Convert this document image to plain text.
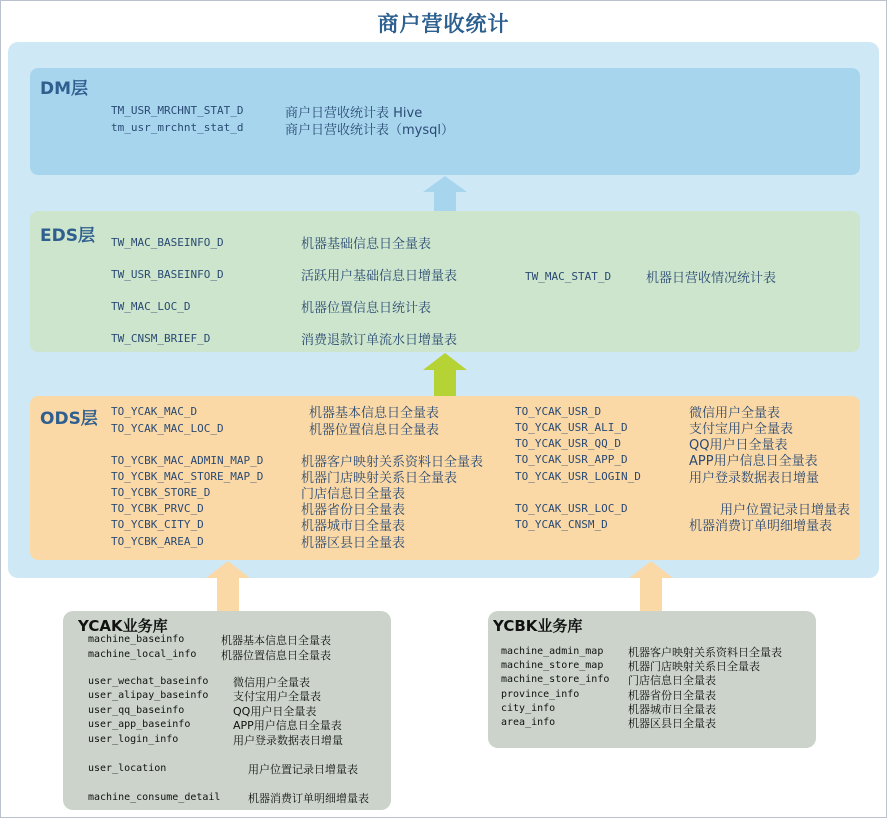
商户营收统计
DM层
TM_USR_MRCHNT_STAT_D	商户日营收统计表 Hive
tm_usr_mrchnt_stat_d	商户日营收统计表（mysql）
EDS层 TW_MAC_BASEINFO_D	机器基础信息日全量表
TW_USR_BASEINFO_D	活跃用户基础信息日增量表
TW_MAC_LOC_D	机器位置信息日统计表
TW_CNSM_BRIEF_D	消费退款订单流水日增量表
TW_MAC_STAT_D	机器日营收情况统计表
ODS层 TO_YCAK_MAC_D	机器基本信息日全量表
TO_YCAK_MAC_LOC_D	机器位置信息日全量表
TO_YCBK_MAC_ADMIN_MAP_D	机器客户映射关系资料日全量表
TO_YCBK_MAC_STORE_MAP_D	机器门店映射关系日全量表
TO_YCBK_STORE_D	门店信息日全量表
TO_YCBK_PRVC_D	机器省份日全量表
TO_YCBK_CITY_D	机器城市日全量表
TO_YCBK_AREA_D	机器区县日全量表
TO_YCAK_USR_D	微信用户全量表
TO_YCAK_USR_ALI_D	支付宝用户全量表
TO_YCAK_USR_QQ_D	QQ用户日全量表
TO_YCAK_USR_APP_D	APP用户信息日全量表
TO_YCAK_USR_LOGIN_D	用户登录数据表日增量
TO_YCAK_USR_LOC_D	用户位置记录日增量表
TO_YCAK_CNSM_D	机器消费订单明细增量表
YCAK业务库
machine_baseinfo	机器基本信息日全量表
machine_local_info 机器位置信息日全量表
user_wechat_baseinfo 微信用户全量表
user_alipay_baseinfo 支付宝用户全量表
user_qq_baseinfo	QQ用户日全量表
user_app_baseinfo	APP用户信息日全量表
user_login_info	用户登录数据表日增量
user_location	用户位置记录日增量表
machine_consume_detail	机器消费订单明细增量表
YCBK业务库
machine_admin_map 机器客户映射关系资料日全量表
machine_store_map 机器门店映射关系日全量表
machine_store_info 门店信息日全量表
province_info	机器省份日全量表
city_info	机器城市日全量表
area_info	机器区县日全量表
